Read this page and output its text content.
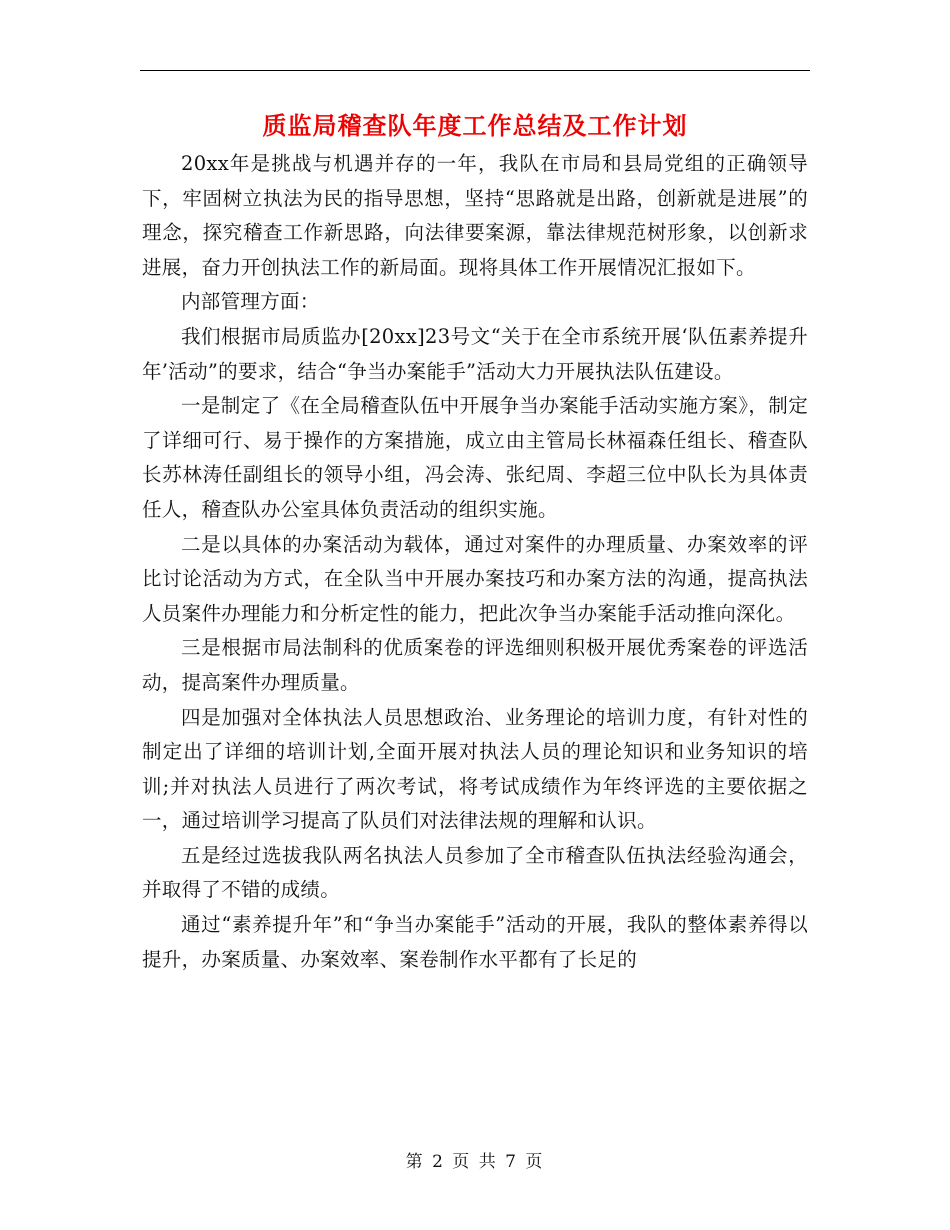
质监局稽查队年度工作总结及工作计划

20xx年是挑战与机遇并存的一年，我队在市局和县局党组的正确领导下，牢固树立执法为民的指导思想，坚持“思路就是出路，创新就是进展”的理念，探究稽查工作新思路，向法律要案源，靠法律规范树形象，以创新求进展，奋力开创执法工作的新局面。现将具体工作开展情况汇报如下。

内部管理方面：

我们根据市局质监办[20xx]23号文“关于在全市系统开展‘队伍素养提升年’活动”的要求，结合“争当办案能手”活动大力开展执法队伍建设。

一是制定了《在全局稽查队伍中开展争当办案能手活动实施方案》，制定了详细可行、易于操作的方案措施，成立由主管局长林福森任组长、稽查队长苏林涛任副组长的领导小组，冯会涛、张纪周、李超三位中队长为具体责任人，稽查队办公室具体负责活动的组织实施。

二是以具体的办案活动为载体，通过对案件的办理质量、办案效率的评比讨论活动为方式，在全队当中开展办案技巧和办案方法的沟通，提高执法人员案件办理能力和分析定性的能力，把此次争当办案能手活动推向深化。

三是根据市局法制科的优质案卷的评选细则积极开展优秀案卷的评选活动，提高案件办理质量。

四是加强对全体执法人员思想政治、业务理论的培训力度，有针对性的制定出了详细的培训计划,全面开展对执法人员的理论知识和业务知识的培训;并对执法人员进行了两次考试，将考试成绩作为年终评选的主要依据之一，通过培训学习提高了队员们对法律法规的理解和认识。

五是经过选拔我队两名执法人员参加了全市稽查队伍执法经验沟通会，并取得了不错的成绩。

通过“素养提升年”和“争当办案能手”活动的开展，我队的整体素养得以提升，办案质量、办案效率、案卷制作水平都有了长足的

第 2 页 共 7 页
